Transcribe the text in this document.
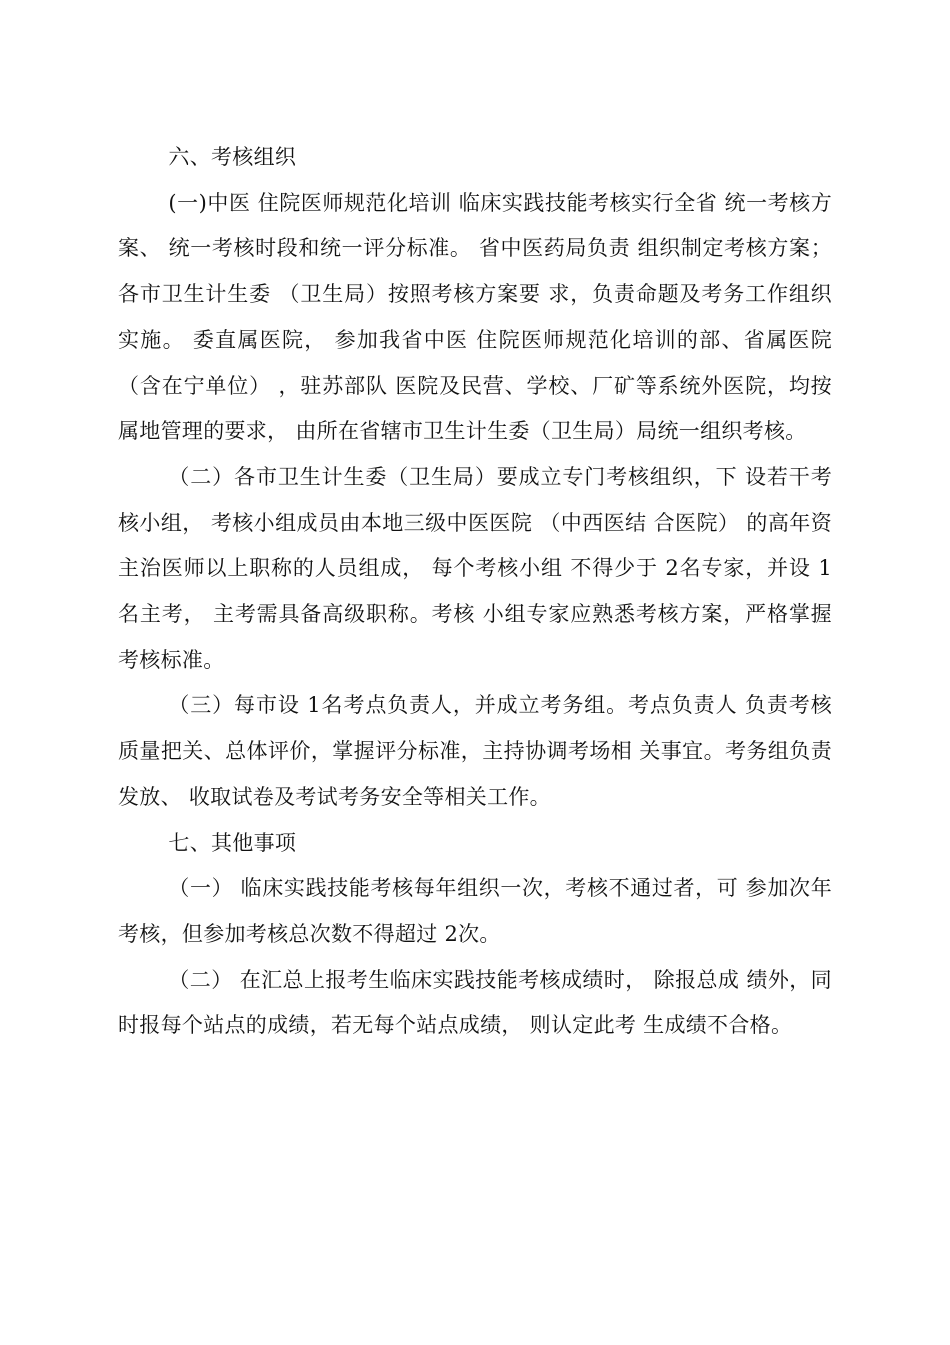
六、考核组织

(一)中医 住院医师规范化培训 临床实践技能考核实行全省 统一考核方案、 统一考核时段和统一评分标准。 省中医药局负责 组织制定考核方案；各市卫生计生委 （卫生局）按照考核方案要 求，负责命题及考务工作组织实施。 委直属医院， 参加我省中医 住院医师规范化培训的部、省属医院（含在宁单位） ，驻苏部队 医院及民营、学校、厂矿等系统外医院，均按属地管理的要求， 由所在省辖市卫生计生委（卫生局）局统一组织考核。

（二）各市卫生计生委（卫生局）要成立专门考核组织，下 设若干考核小组， 考核小组成员由本地三级中医医院 （中西医结 合医院） 的高年资主治医师以上职称的人员组成， 每个考核小组 不得少于 2名专家，并设 1名主考， 主考需具备高级职称。考核 小组专家应熟悉考核方案，严格掌握考核标准。

（三）每市设 1名考点负责人，并成立考务组。考点负责人 负责考核质量把关、总体评价，掌握评分标准，主持协调考场相 关事宜。考务组负责发放、 收取试卷及考试考务安全等相关工作。

七、其他事项

（一） 临床实践技能考核每年组织一次，考核不通过者，可 参加次年考核，但参加考核总次数不得超过 2次。

（二） 在汇总上报考生临床实践技能考核成绩时， 除报总成 绩外，同时报每个站点的成绩，若无每个站点成绩， 则认定此考 生成绩不合格。
